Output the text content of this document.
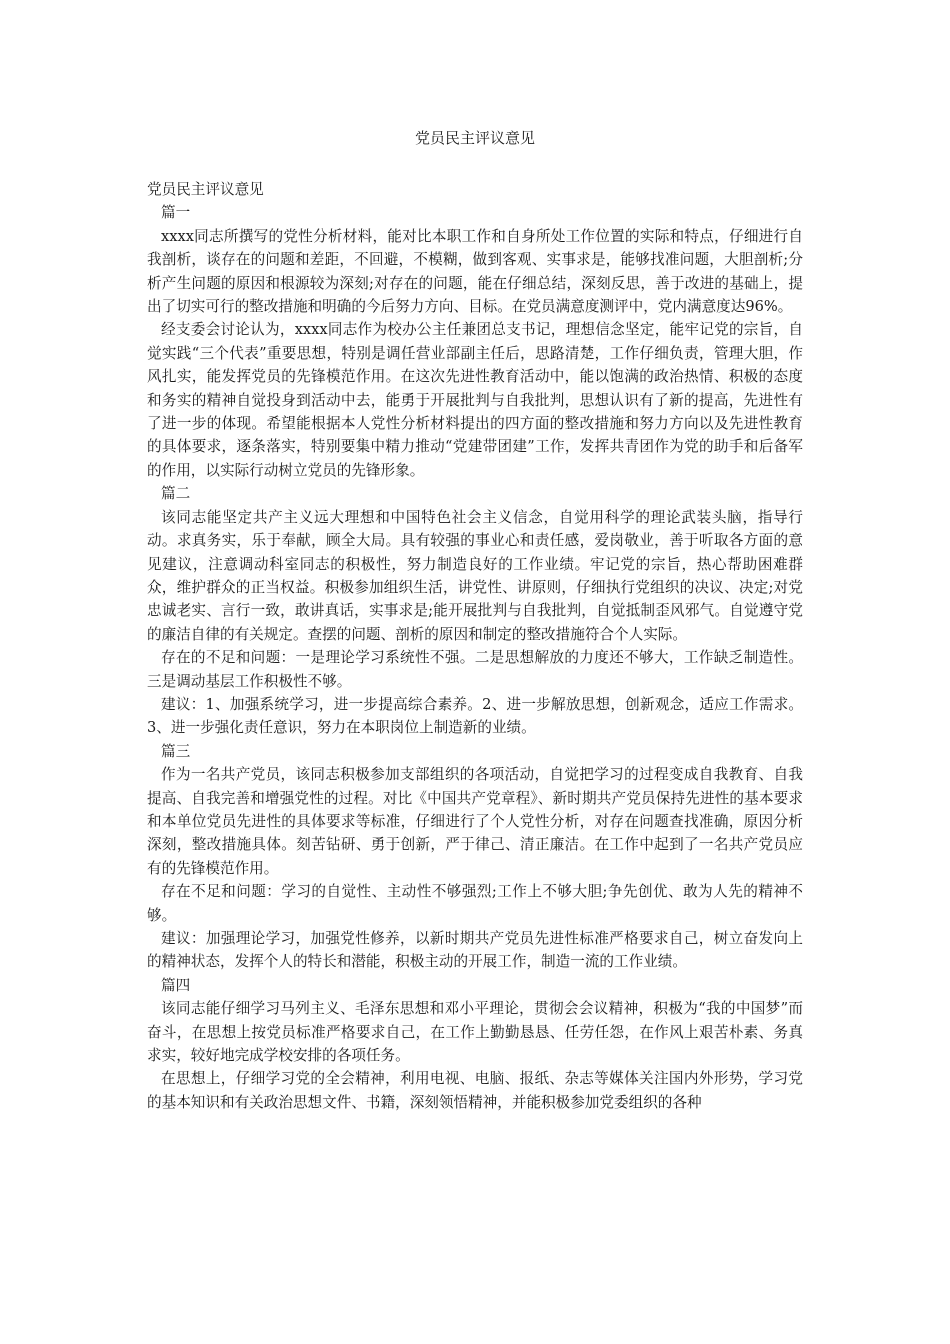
党员民主评议意见

党员民主评议意见

篇一

xxxx同志所撰写的党性分析材料，能对比本职工作和自身所处工作位置的实际和特点，仔细进行自我剖析，谈存在的问题和差距，不回避，不模糊，做到客观、实事求是，能够找准问题，大胆剖析;分析产生问题的原因和根源较为深刻;对存在的问题，能在仔细总结，深刻反思，善于改进的基础上，提出了切实可行的整改措施和明确的今后努力方向、目标。在党员满意度测评中，党内满意度达96%。

经支委会讨论认为，xxxx同志作为校办公主任兼团总支书记，理想信念坚定，能牢记党的宗旨，自觉实践“三个代表”重要思想，特别是调任营业部副主任后，思路清楚，工作仔细负责，管理大胆，作风扎实，能发挥党员的先锋模范作用。在这次先进性教育活动中，能以饱满的政治热情、积极的态度和务实的精神自觉投身到活动中去，能勇于开展批判与自我批判，思想认识有了新的提高，先进性有了进一步的体现。希望能根据本人党性分析材料提出的四方面的整改措施和努力方向以及先进性教育的具体要求，逐条落实，特别要集中精力推动“党建带团建”工作，发挥共青团作为党的助手和后备军的作用，以实际行动树立党员的先锋形象。

篇二

该同志能坚定共产主义远大理想和中国特色社会主义信念，自觉用科学的理论武装头脑，指导行动。求真务实，乐于奉献，顾全大局。具有较强的事业心和责任感，爱岗敬业，善于听取各方面的意见建议，注意调动科室同志的积极性，努力制造良好的工作业绩。牢记党的宗旨，热心帮助困难群众，维护群众的正当权益。积极参加组织生活，讲党性、讲原则，仔细执行党组织的决议、决定;对党忠诚老实、言行一致，敢讲真话，实事求是;能开展批判与自我批判，自觉抵制歪风邪气。自觉遵守党的廉洁自律的有关规定。查摆的问题、剖析的原因和制定的整改措施符合个人实际。

存在的不足和问题：一是理论学习系统性不强。二是思想解放的力度还不够大，工作缺乏制造性。三是调动基层工作积极性不够。

建议：1、加强系统学习，进一步提高综合素养。2、进一步解放思想，创新观念，适应工作需求。3、进一步强化责任意识，努力在本职岗位上制造新的业绩。

篇三

作为一名共产党员，该同志积极参加支部组织的各项活动，自觉把学习的过程变成自我教育、自我提高、自我完善和增强党性的过程。对比《中国共产党章程》、新时期共产党员保持先进性的基本要求和本单位党员先进性的具体要求等标准，仔细进行了个人党性分析，对存在问题查找准确，原因分析深刻，整改措施具体。刻苦钻研、勇于创新，严于律己、清正廉洁。在工作中起到了一名共产党员应有的先锋模范作用。

存在不足和问题：学习的自觉性、主动性不够强烈;工作上不够大胆;争先创优、敢为人先的精神不够。

建议：加强理论学习，加强党性修养，以新时期共产党员先进性标准严格要求自己，树立奋发向上的精神状态，发挥个人的特长和潜能，积极主动的开展工作，制造一流的工作业绩。

篇四

该同志能仔细学习马列主义、毛泽东思想和邓小平理论，贯彻会会议精神，积极为“我的中国梦”而奋斗，在思想上按党员标准严格要求自己，在工作上勤勤恳恳、任劳任怨，在作风上艰苦朴素、务真求实，较好地完成学校安排的各项任务。

在思想上，仔细学习党的全会精神，利用电视、电脑、报纸、杂志等媒体关注国内外形势，学习党的基本知识和有关政治思想文件、书籍，深刻领悟精神，并能积极参加党委组织的各种
